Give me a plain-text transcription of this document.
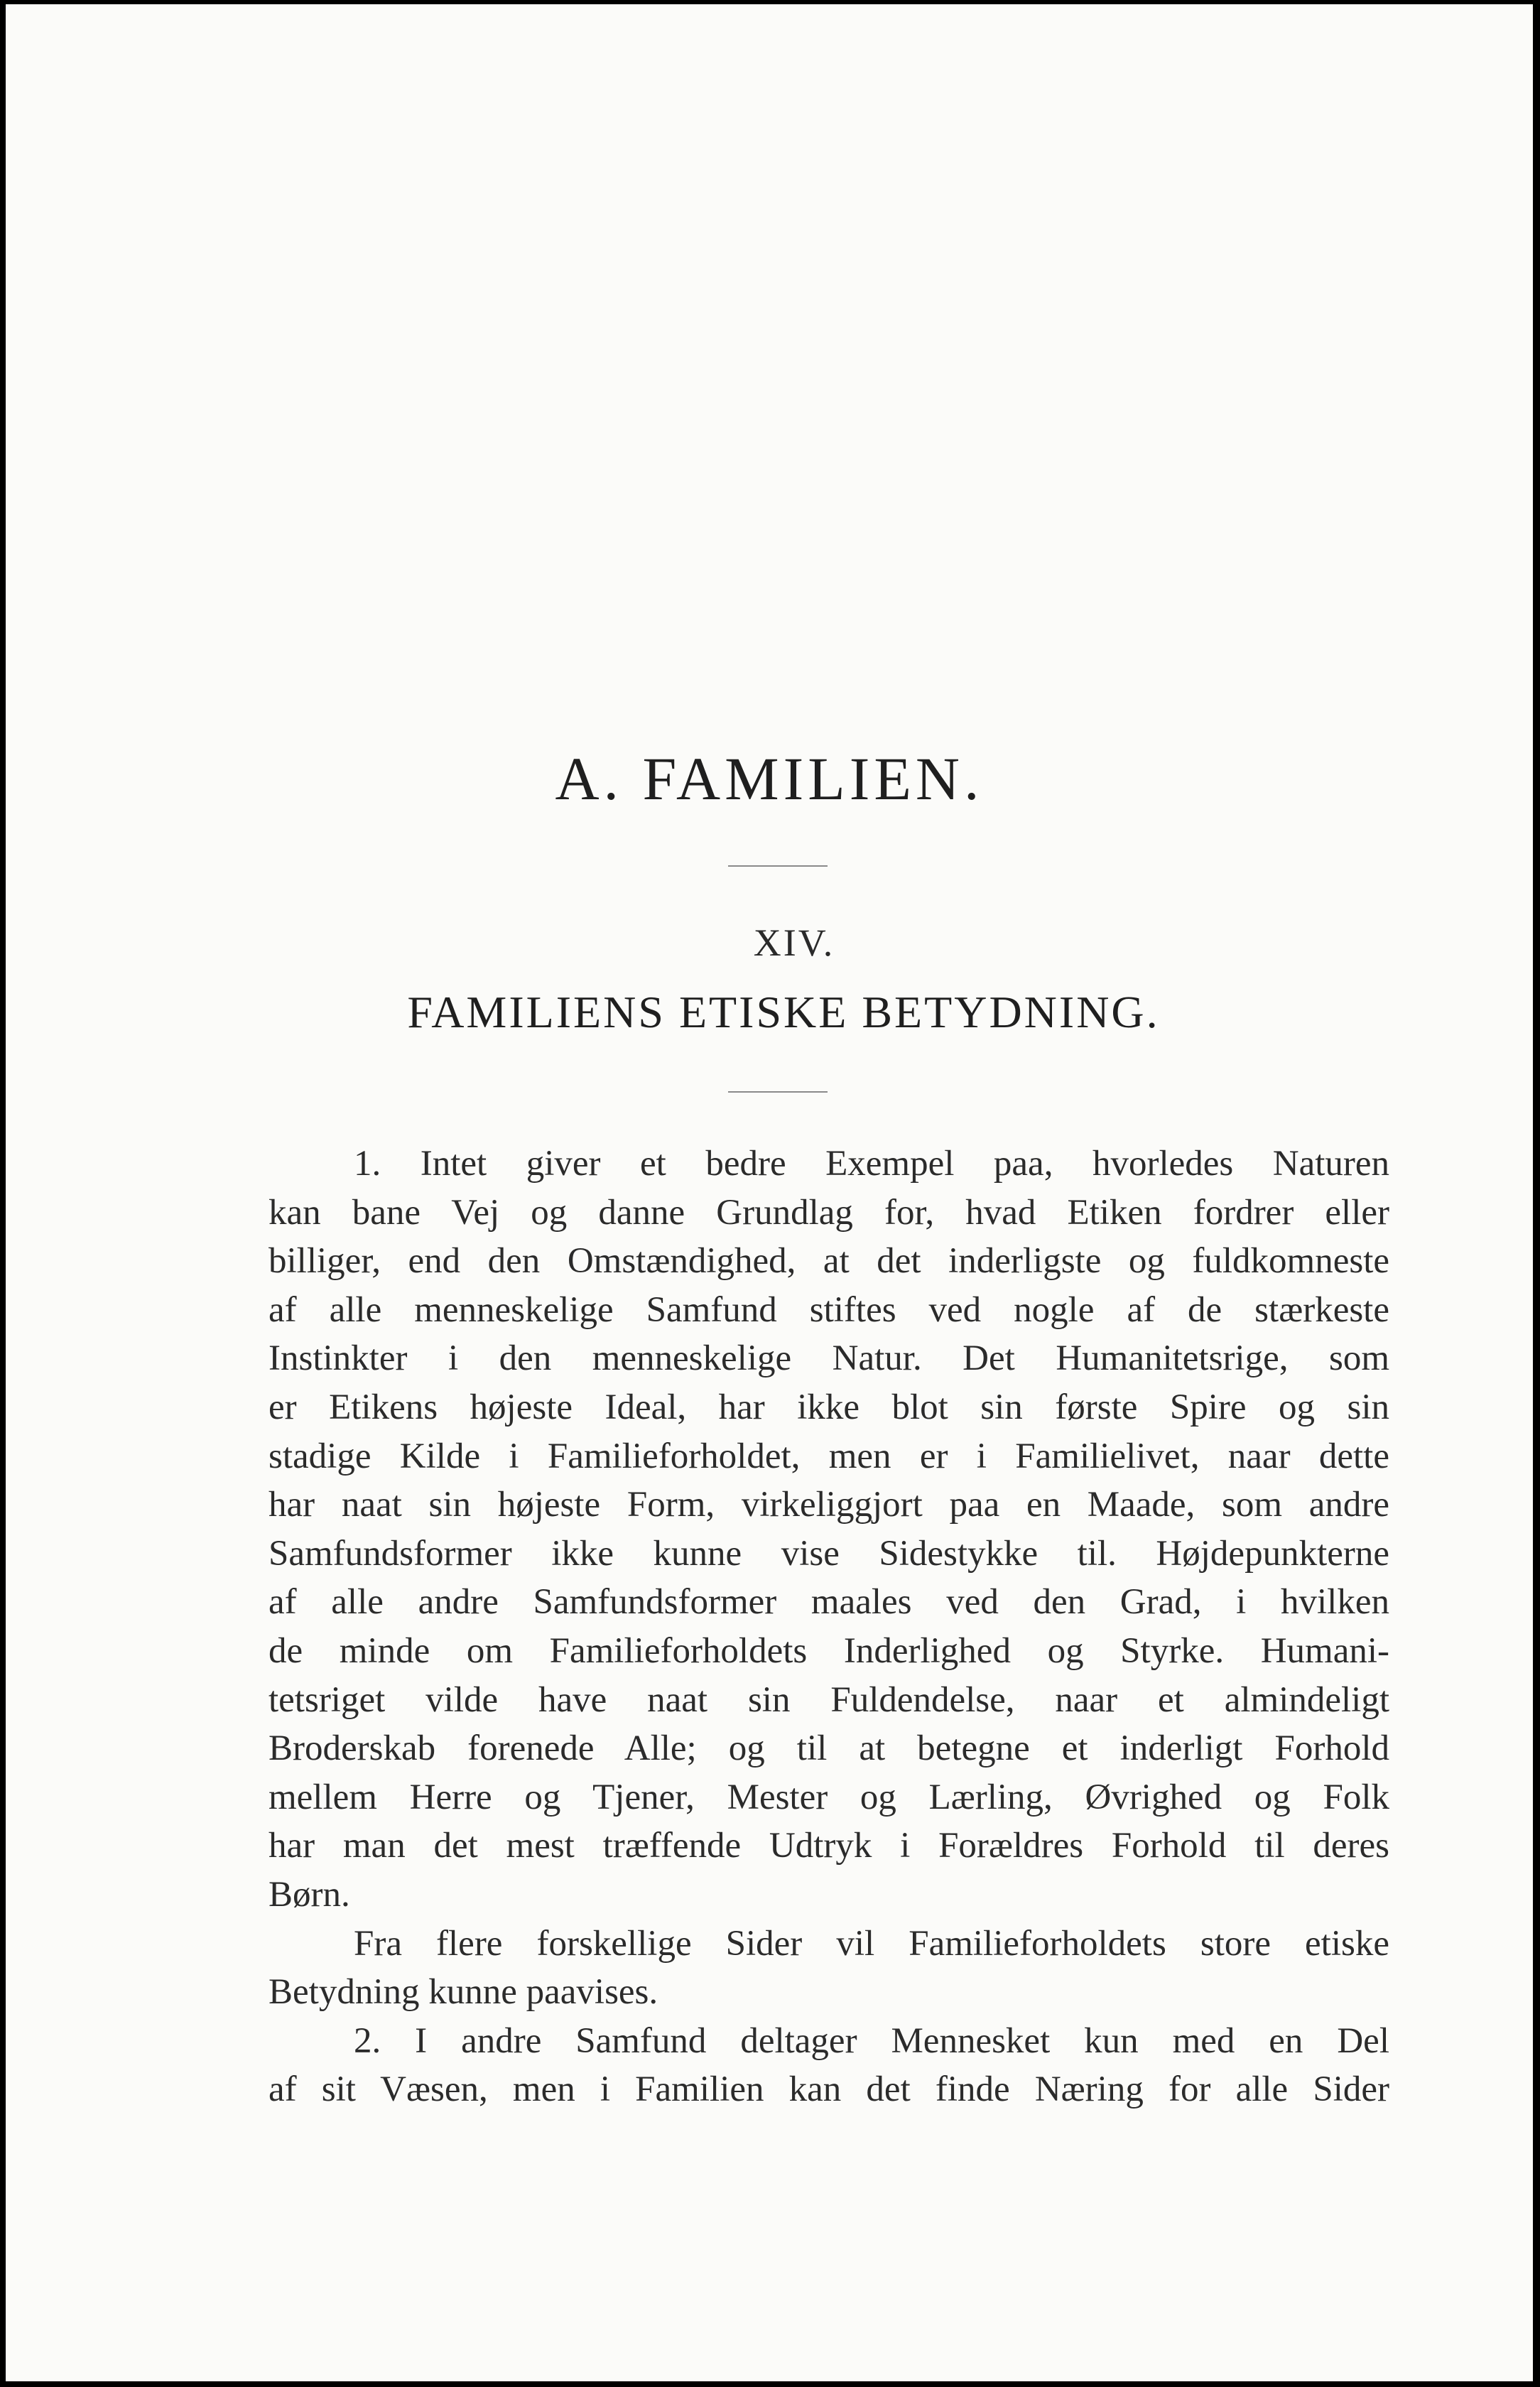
A. FAMILIEN.
XIV.
FAMILIENS ETISKE BETYDNING.
1. Intet giver et bedre Exempel paa, hvorledes Naturen
kan bane Vej og danne Grundlag for, hvad Etiken fordrer eller
billiger, end den Omstændighed, at det inderligste og fuldkomneste
af alle menneskelige Samfund stiftes ved nogle af de stærkeste
Instinkter i den menneskelige Natur. Det Humanitetsrige, som
er Etikens højeste Ideal, har ikke blot sin første Spire og sin
stadige Kilde i Familieforholdet, men er i Familielivet, naar dette
har naat sin højeste Form, virkeliggjort paa en Maade, som andre
Samfundsformer ikke kunne vise Sidestykke til. Højdepunkterne
af alle andre Samfundsformer maales ved den Grad, i hvilken
de minde om Familieforholdets Inderlighed og Styrke. Humani-
tetsriget vilde have naat sin Fuldendelse, naar et almindeligt
Broderskab forenede Alle; og til at betegne et inderligt Forhold
mellem Herre og Tjener, Mester og Lærling, Øvrighed og Folk
har man det mest træffende Udtryk i Forældres Forhold til deres
Børn.
Fra flere forskellige Sider vil Familieforholdets store etiske
Betydning kunne paavises.
2. I andre Samfund deltager Mennesket kun med en Del
af sit Væsen, men i Familien kan det finde Næring for alle Sider
